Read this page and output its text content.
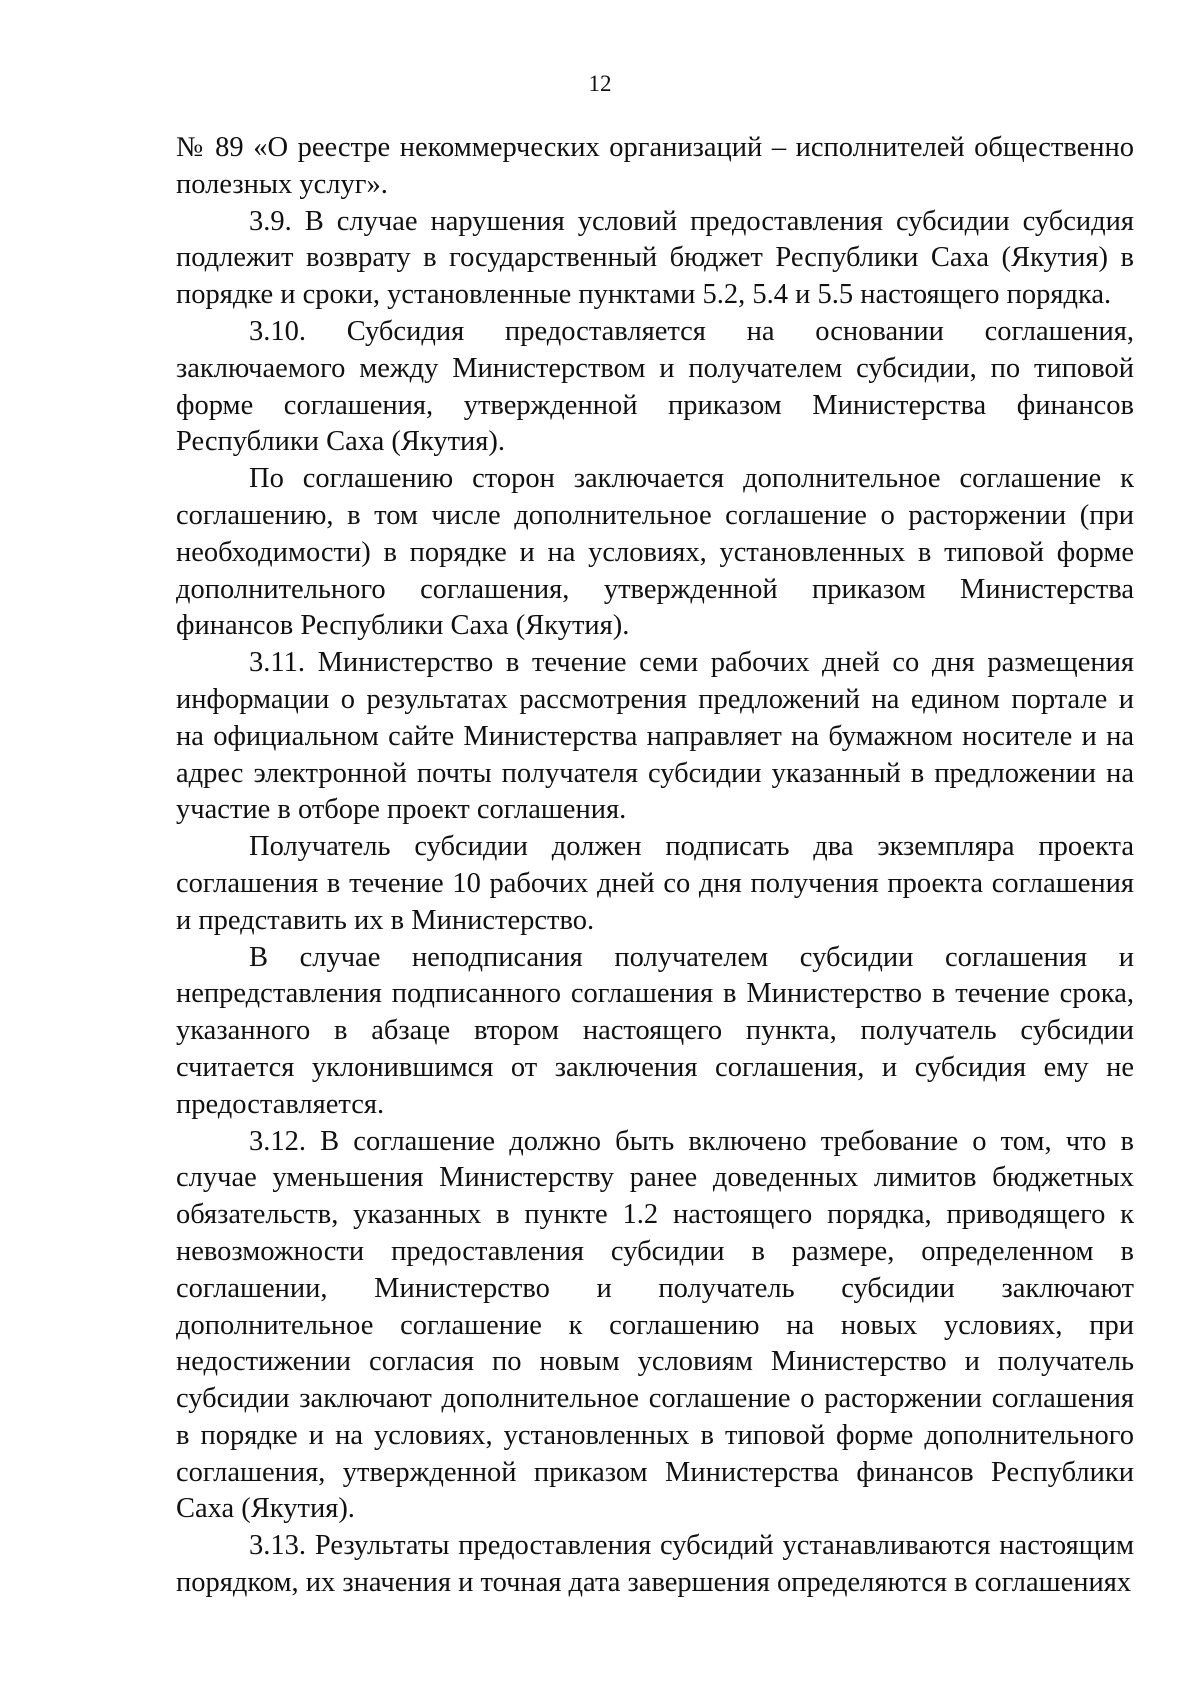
12

№ 89 «О реестре некоммерческих организаций – исполнителей общественно полезных услуг».

3.9. В случае нарушения условий предоставления субсидии субсидия подлежит возврату в государственный бюджет Республики Саха (Якутия) в порядке и сроки, установленные пунктами 5.2, 5.4 и 5.5 настоящего порядка.

3.10. Субсидия предоставляется на основании соглашения, заключаемого между Министерством и получателем субсидии, по типовой форме соглашения, утвержденной приказом Министерства финансов Республики Саха (Якутия).

По соглашению сторон заключается дополнительное соглашение к соглашению, в том числе дополнительное соглашение о расторжении (при необходимости) в порядке и на условиях, установленных в типовой форме дополнительного соглашения, утвержденной приказом Министерства финансов Республики Саха (Якутия).

3.11. Министерство в течение семи рабочих дней со дня размещения информации о результатах рассмотрения предложений на едином портале и на официальном сайте Министерства направляет на бумажном носителе и на адрес электронной почты получателя субсидии указанный в предложении на участие в отборе проект соглашения.

Получатель субсидии должен подписать два экземпляра проекта соглашения в течение 10 рабочих дней со дня получения проекта соглашения и представить их в Министерство.

В случае неподписания получателем субсидии соглашения и непредставления подписанного соглашения в Министерство в течение срока, указанного в абзаце втором настоящего пункта, получатель субсидии считается уклонившимся от заключения соглашения, и субсидия ему не предоставляется.

3.12. В соглашение должно быть включено требование о том, что в случае уменьшения Министерству ранее доведенных лимитов бюджетных обязательств, указанных в пункте 1.2 настоящего порядка, приводящего к невозможности предоставления субсидии в размере, определенном в соглашении, Министерство и получатель субсидии заключают дополнительное соглашение к соглашению на новых условиях, при недостижении согласия по новым условиям Министерство и получатель субсидии заключают дополнительное соглашение о расторжении соглашения в порядке и на условиях, установленных в типовой форме дополнительного соглашения, утвержденной приказом Министерства финансов Республики Саха (Якутия).

3.13. Результаты предоставления субсидий устанавливаются настоящим порядком, их значения и точная дата завершения определяются в соглашениях
